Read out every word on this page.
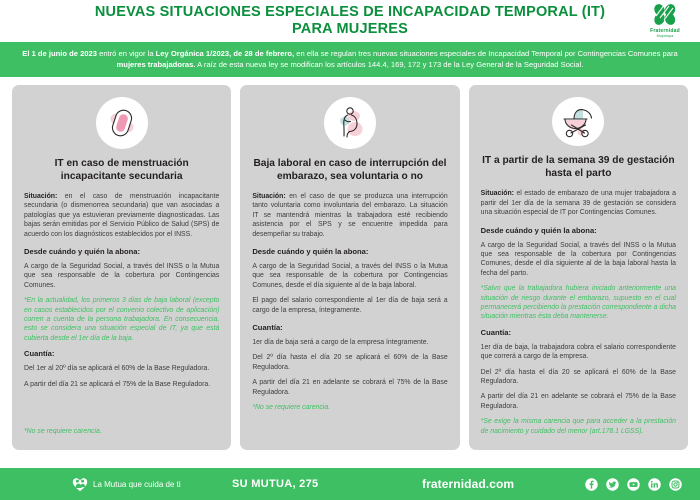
NUEVAS SITUACIONES ESPECIALES DE INCAPACIDAD TEMPORAL (IT) PARA MUJERES	Fraternidad
Muprespa
El 1 de junio de 2023 entró en vigor la Ley Orgánica 1/2023, de 28 de febrero, en ella se regulan tres nuevas situaciones especiales de Incapacidad Temporal por Contingencias Comunes para mujeres trabajadoras. A raíz de esta nueva ley se modifican los artículos 144.4, 169, 172 y 173 de la Ley General de la Seguridad Social.
IT en caso de menstruación incapacitante secundaria

Situación: en el caso de menstruación incapacitante secundaria (o dismenorrea secundaria) que van asociadas a patologías que ya estuvieran previamente diagnosticadas. Las bajas serán emitidas por el Servicio Público de Salud (SPS) de acuerdo con los diagnósticos establecidos por el INSS.

Desde cuándo y quién la abona:

A cargo de la Seguridad Social, a través del INSS o la Mutua que sea responsable de la cobertura por Contingencias Comunes.

*En la actualidad, los primeros 3 días de baja laboral (excepto en casos establecidos por el convenio colectivo de aplicación) corren a cuenta de la persona trabajadora. En consecuencia, esto se considera una situación especial de IT, ya que está cubierta desde el 1er día de la baja.

Cuantía:

Del 1er al 20º día se aplicará el 60% de la Base Reguladora.

A partir del día 21 se aplicará el 75% de la Base Reguladora.

*No se requiere carencia.

Baja laboral en caso de interrupción del embarazo, sea voluntaria o no

Situación: en el caso de que se produzca una interrupción tanto voluntaria como involuntaria del embarazo. La situación IT se mantendrá mientras la trabajadora esté recibiendo asistencia por el SPS y se encuentre impedida para desempeñar su trabajo.

Desde cuándo y quién la abona:

A cargo de la Seguridad Social, a través del INSS o la Mutua que sea responsable de la cobertura por Contingencias Comunes, desde el día siguiente al de la baja laboral.

El pago del salario correspondiente al 1er día de baja será a cargo de la empresa, íntegramente.

Cuantía:

1er día de baja será a cargo de la empresa íntegramente.

Del 2º día hasta el día 20 se aplicará el 60% de la Base Reguladora.

A partir del día 21 en adelante se cobrará el 75% de la Base Reguladora.

*No se requiere carencia.

IT a partir de la semana 39 de gestación hasta el parto

Situación: el estado de embarazo de una mujer trabajadora a partir del 1er día de la semana 39 de gestación se considera una situación especial de IT por Contingencias Comunes.

Desde cuándo y quién la abona:

A cargo de la Seguridad Social, a través del INSS o la Mutua que sea responsable de la cobertura por Contingencias Comunes, desde el día siguiente al de la baja laboral hasta la fecha del parto.

*Salvo que la trabajadora hubiera iniciado anteriormente una situación de riesgo durante el embarazo, supuesto en el cual permanecerá percibiendo la prestación correspondiente a dicha situación mientras ésta deba mantenerse.

Cuantía:

1er día de baja, la trabajadora cobra el salario correspondiente que correrá a cargo de la empresa.

Del 2º día hasta el día 20 se aplicará el 60% de la Base Reguladora.

A partir del día 21 en adelante se cobrará el 75% de la Base Reguladora.

*Se exige la misma carencia que para acceder a la prestación de nacimiento y cuidado del menor (art.178.1 LGSS).

La Mutua que cuida de ti	SU MUTUA, 275	fraternidad.com
